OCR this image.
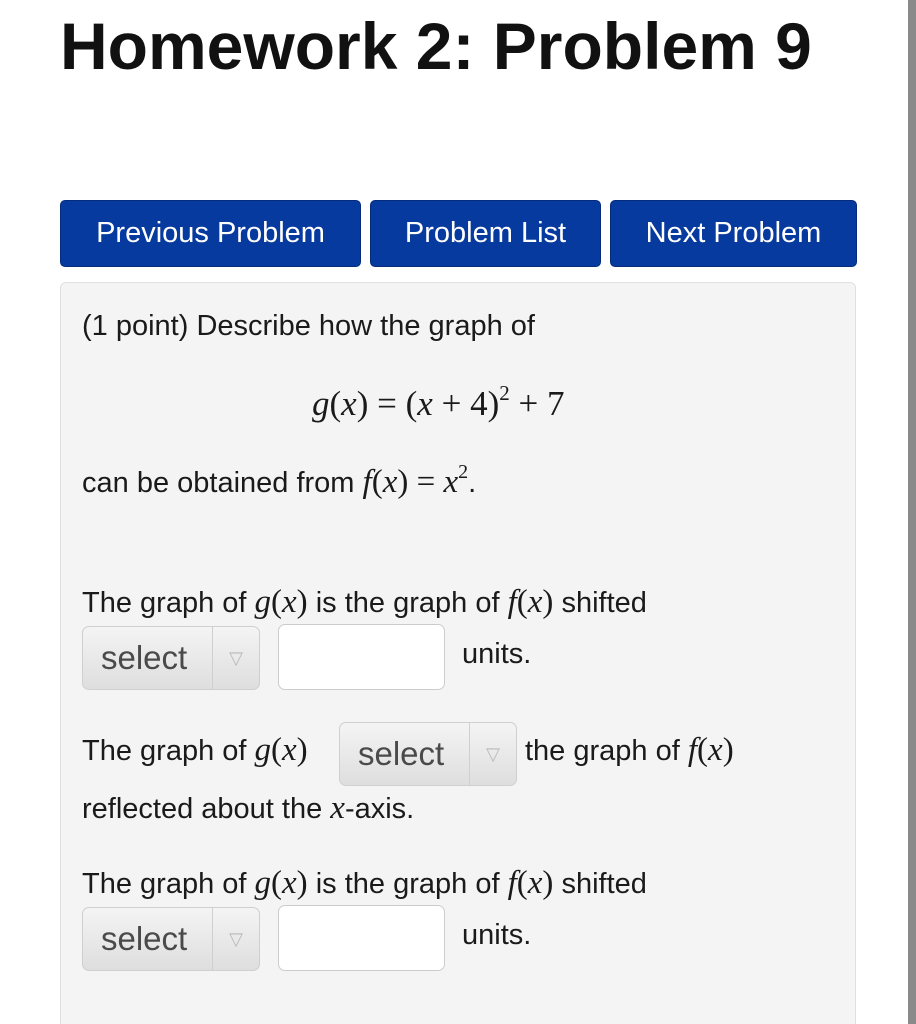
Homework 2: Problem 9
Previous Problem	Problem List	Next Problem
(1 point) Describe how the graph of
$g(x) = (x + 4)^2 + 7$
can be obtained from $f(x) = x^2$.
The graph of g(x) is the graph of f(x) shifted
select	▽	units.
The graph of g(x) select	▽ the graph of f(x)
reflected about the x-axis.
The graph of g(x) is the graph of f(x) shifted
select	▽	units.
